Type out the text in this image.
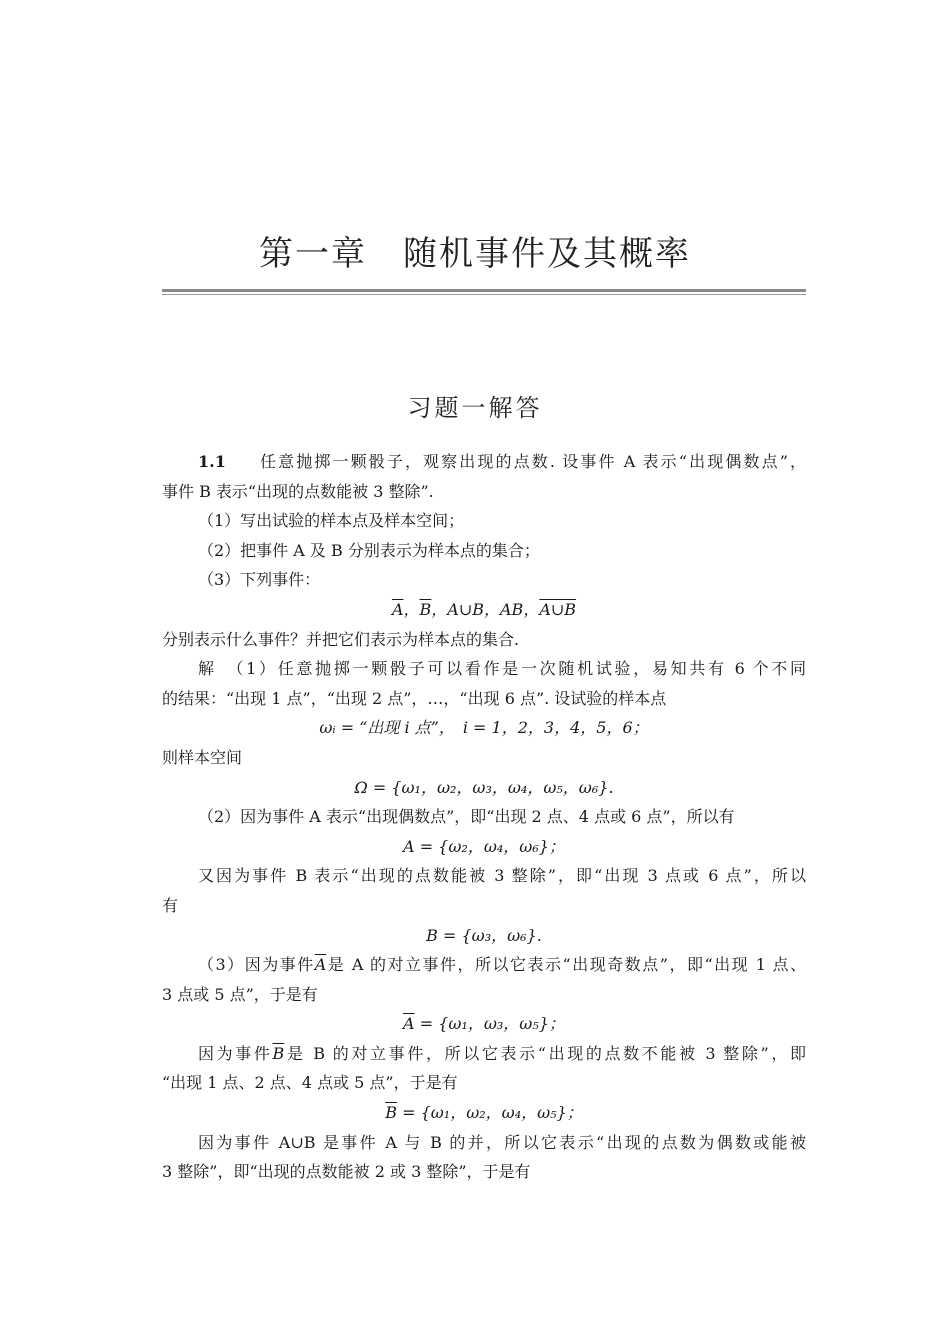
第一章　随机事件及其概率
习题一解答
1.1 任意抛掷一颗骰子，观察出现的点数. 设事件 A 表示“出现偶数点”，
事件 B 表示“出现的点数能被 3 整除”.
（1）写出试验的样本点及样本空间；
（2）把事件 A 及 B 分别表示为样本点的集合；
（3）下列事件：
$\overline{A}$，$\overline{B}$，A∪B，AB，A∪B
分别表示什么事件？并把它们表示为样本点的集合.
解　（1）任意抛掷一颗骰子可以看作是一次随机试验，易知共有 6 个不同
的结果：“出现 1 点”，“出现 2 点”，…，“出现 6 点”. 设试验的样本点
ωᵢ = “出现 i 点”，　i = 1，2，3，4，5，6；
则样本空间
Ω = {ω₁，ω₂，ω₃，ω₄，ω₅，ω₆}.
（2）因为事件 A 表示“出现偶数点”，即“出现 2 点、4 点或 6 点”，所以有
A = {ω₂，ω₄，ω₆}；
又因为事件 B 表示“出现的点数能被 3 整除”，即“出现 3 点或 6 点”，所以
有
B = {ω₃，ω₆}.
（3）因为事件$\overline{A}$是 A 的对立事件，所以它表示“出现奇数点”，即“出现 1 点、
3 点或 5 点”，于是有
$\overline{A} = \{\omega_1$，ω₃，ω₅}；
因为事件$\overline{B}$是 B 的对立事件，所以它表示“出现的点数不能被 3 整除”，即
“出现 1 点、2 点、4 点或 5 点”，于是有
$\overline{B} = \{\omega_1$，ω₂，ω₄，ω₅}；
因为事件 A∪B 是事件 A 与 B 的并，所以它表示“出现的点数为偶数或能被
3 整除”，即“出现的点数能被 2 或 3 整除”，于是有
